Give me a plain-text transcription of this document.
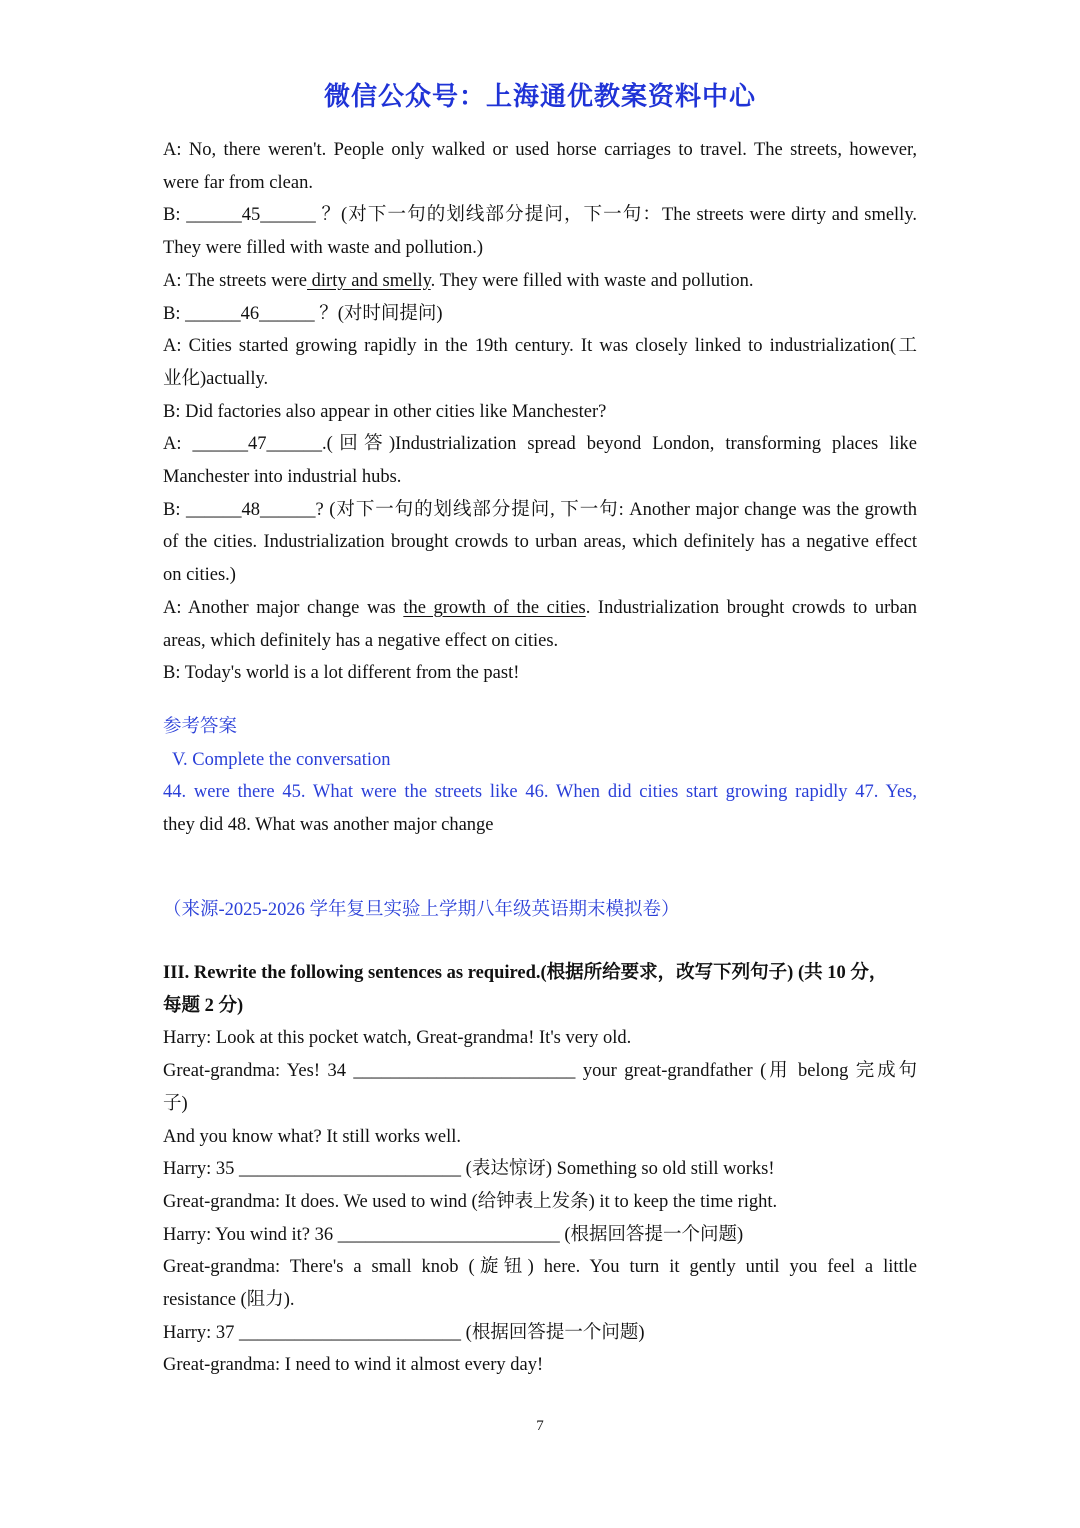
微信公众号：上海通优教案资料中心

A: No, there weren't. People only walked or used horse carriages to travel. The streets, however,

were far from clean.

B: ______45______ ？(对下一句的划线部分提问，下一句：The streets were dirty and smelly.

They were filled with waste and pollution.)

A: The streets were dirty and smelly. They were filled with waste and pollution.

B: ______46______ ？(对时间提问)

A: Cities started growing rapidly in the 19th century. It was closely linked to industrialization(工

业化)actually.

B: Did factories also appear in other cities like Manchester?

A: ______47______.(回答)Industrialization spread beyond London, transforming places like

Manchester into industrial hubs.

B: ______48______? (对下一句的划线部分提问, 下一句: Another major change was the growth

of the cities. Industrialization brought crowds to urban areas, which definitely has a negative effect

on cities.)

A: Another major change was the growth of the cities. Industrialization brought crowds to urban

areas, which definitely has a negative effect on cities.

B: Today's world is a lot different from the past!

参考答案

V. Complete the conversation

44. were there 45. What were the streets like 46. When did cities start growing rapidly 47. Yes,

they did 48. What was another major change

（来源-2025-2026 学年复旦实验上学期八年级英语期末模拟卷）

III. Rewrite the following sentences as required.(根据所给要求，改写下列句子) (共 10 分，

每题 2 分)

Harry: Look at this pocket watch, Great-grandma! It's very old.

Great-grandma: Yes! 34 ________________________ your great-grandfather (用 belong 完成句

子)

And you know what? It still works well.

Harry: 35 ________________________ (表达惊讶) Something so old still works!

Great-grandma: It does. We used to wind (给钟表上发条) it to keep the time right.

Harry: You wind it? 36 ________________________ (根据回答提一个问题)

Great-grandma: There's a small knob (旋钮) here. You turn it gently until you feel a little

resistance (阻力).

Harry: 37 ________________________ (根据回答提一个问题)

Great-grandma: I need to wind it almost every day!

7
